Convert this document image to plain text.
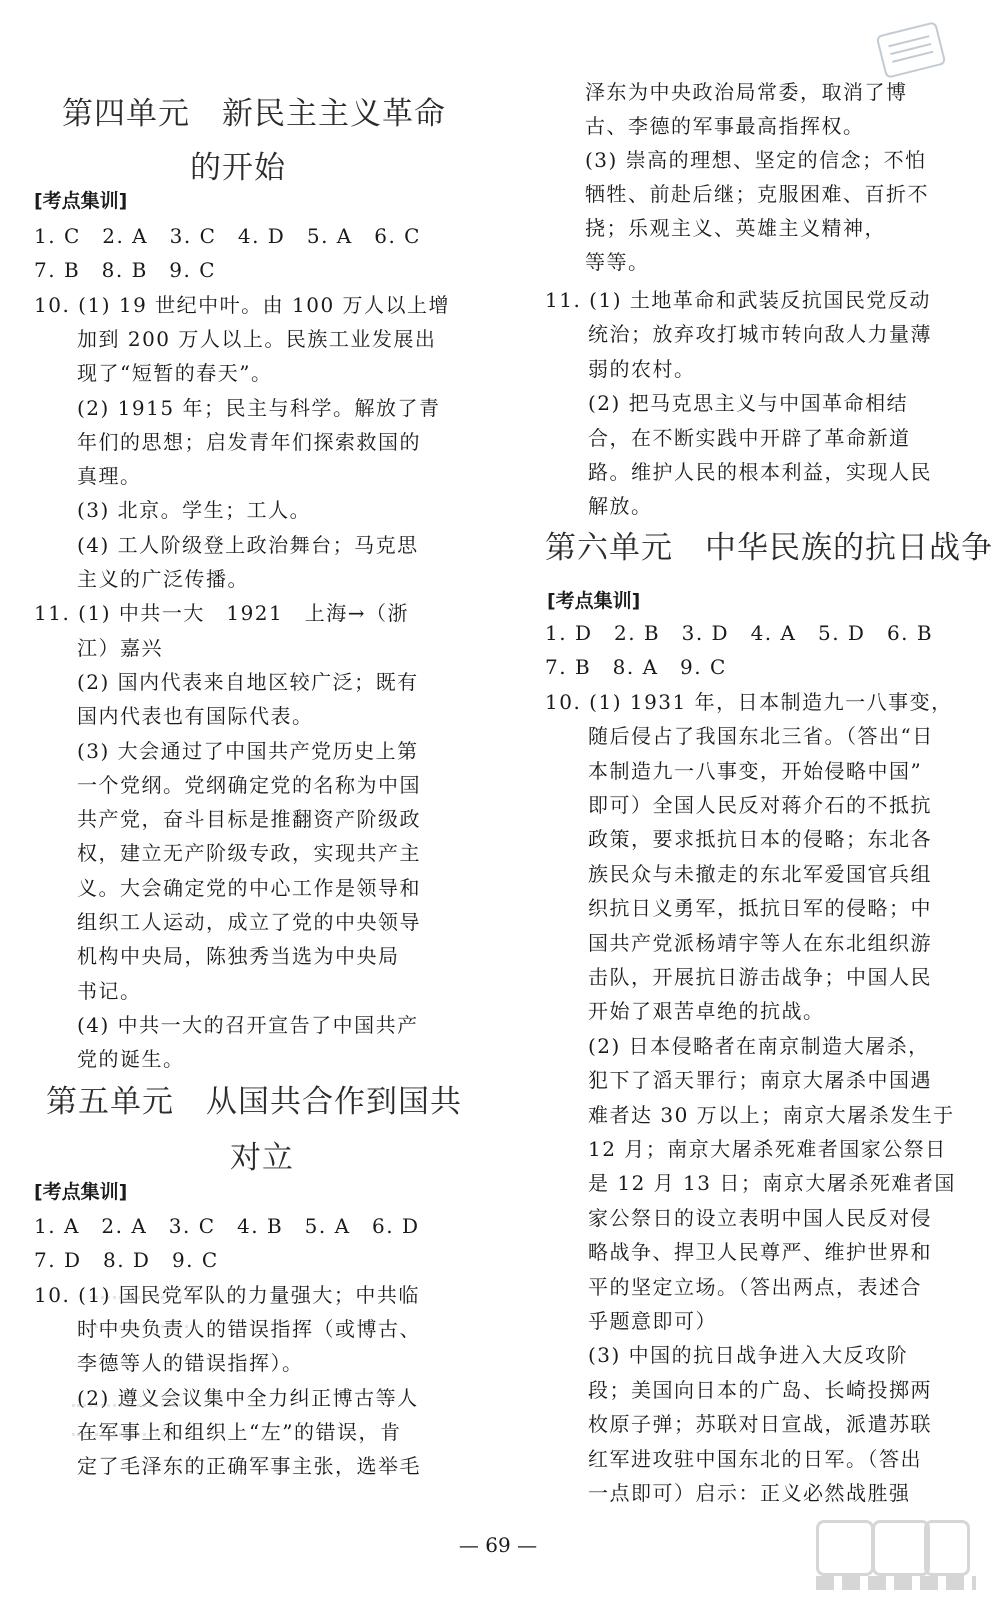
第四单元　新民主主义革命
的开始
[考点集训]
1. C　2. A　3. C　4. D　5. A　6. C
7. B　8. B　9. C
10. (1) 19 世纪中叶。由 100 万人以上增
　　加到 200 万人以上。民族工业发展出
　　现了“短暂的春天”。
　　(2) 1915 年；民主与科学。解放了青
　　年们的思想；启发青年们探索救国的
　　真理。
　　(3) 北京。学生；工人。
　　(4) 工人阶级登上政治舞台；马克思
　　主义的广泛传播。
11. (1) 中共一大　1921　上海→（浙
　　江）嘉兴
　　(2) 国内代表来自地区较广泛；既有
　　国内代表也有国际代表。
　　(3) 大会通过了中国共产党历史上第
　　一个党纲。党纲确定党的名称为中国
　　共产党，奋斗目标是推翻资产阶级政
　　权，建立无产阶级专政，实现共产主
　　义。大会确定党的中心工作是领导和
　　组织工人运动，成立了党的中央领导
　　机构中央局，陈独秀当选为中央局
　　书记。
　　(4) 中共一大的召开宣告了中国共产
　　党的诞生。
第五单元　从国共合作到国共
对立
[考点集训]
1. A　2. A　3. C　4. B　5. A　6. D
7. D　8. D　9. C
10. (1) 国民党军队的力量强大；中共临
　　时中央负责人的错误指挥（或博古、
　　李德等人的错误指挥）。
　　(2) 遵义会议集中全力纠正博古等人
　　在军事上和组织上“左”的错误，肯
　　定了毛泽东的正确军事主张，选举毛
泽东为中央政治局常委，取消了博
古、李德的军事最高指挥权。
(3) 崇高的理想、坚定的信念；不怕
牺牲、前赴后继；克服困难、百折不
挠；乐观主义、英雄主义精神，
等等。
11. (1) 土地革命和武装反抗国民党反动
　　统治；放弃攻打城市转向敌人力量薄
　　弱的农村。
　　(2) 把马克思主义与中国革命相结
　　合，在不断实践中开辟了革命新道
　　路。维护人民的根本利益，实现人民
　　解放。
第六单元　中华民族的抗日战争
[考点集训]
1. D　2. B　3. D　4. A　5. D　6. B
7. B　8. A　9. C
10. (1) 1931 年，日本制造九一八事变，
　　随后侵占了我国东北三省。（答出“日
　　本制造九一八事变，开始侵略中国”
　　即可）全国人民反对蒋介石的不抵抗
　　政策，要求抵抗日本的侵略；东北各
　　族民众与未撤走的东北军爱国官兵组
　　织抗日义勇军，抵抗日军的侵略；中
　　国共产党派杨靖宇等人在东北组织游
　　击队，开展抗日游击战争；中国人民
　　开始了艰苦卓绝的抗战。
　　(2) 日本侵略者在南京制造大屠杀，
　　犯下了滔天罪行；南京大屠杀中国遇
　　难者达 30 万以上；南京大屠杀发生于
　　12 月；南京大屠杀死难者国家公祭日
　　是 12 月 13 日；南京大屠杀死难者国
　　家公祭日的设立表明中国人民反对侵
　　略战争、捍卫人民尊严、维护世界和
　　平的坚定立场。（答出两点，表述合
　　乎题意即可）
　　(3) 中国的抗日战争进入大反攻阶
　　段；美国向日本的广岛、长崎投掷两
　　枚原子弹；苏联对日宣战，派遣苏联
　　红军进攻驻中国东北的日军。（答出
　　一点即可）启示：正义必然战胜强
— 69 —
